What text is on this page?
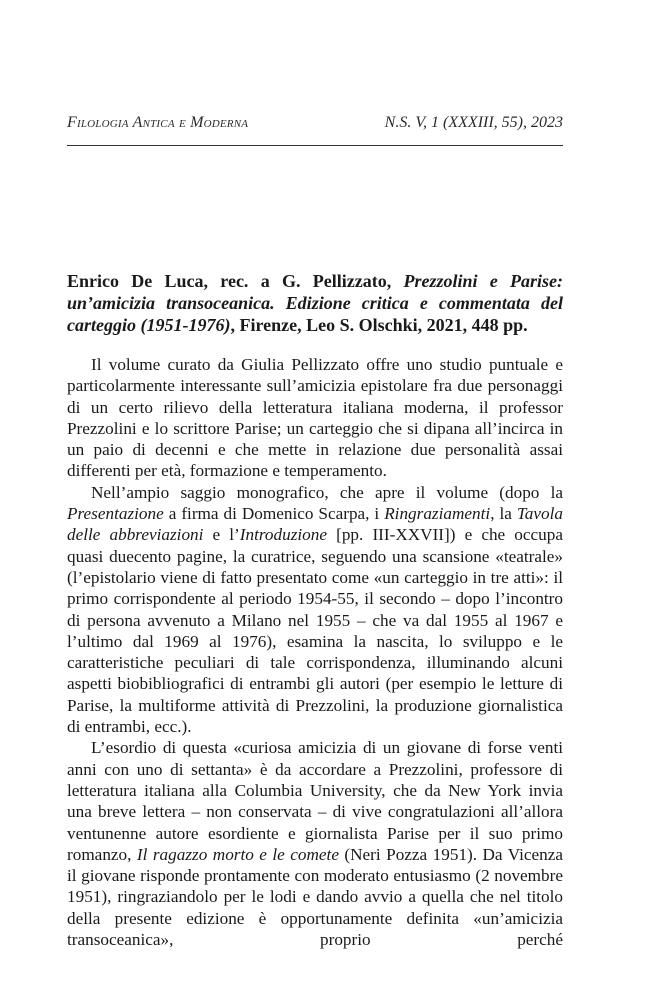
Filologia Antica e Moderna	N.S. V, 1 (XXXIII, 55), 2023
Enrico De Luca, rec. a G. Pellizzato, Prezzolini e Parise: un’amicizia transoceanica. Edizione critica e commentata del carteggio (1951-1976), Firenze, Leo S. Olschki, 2021, 448 pp.

Il volume curato da Giulia Pellizzato offre uno studio puntuale e particolarmente interessante sull’amicizia epistolare fra due personaggi di un certo rilievo della letteratura italiana moderna, il professor Prezzolini e lo scrittore Parise; un carteggio che si dipana all’incirca in un paio di decenni e che mette in relazione due personalità assai differenti per età, formazione e temperamento.

Nell’ampio saggio monografico, che apre il volume (dopo la Presentazione a firma di Domenico Scarpa, i Ringraziamenti, la Tavola delle abbreviazioni e l’Introduzione [pp. III-XXVII]) e che occupa quasi duecento pagine, la curatrice, seguendo una scansione «teatrale» (l’epistolario viene di fatto presentato come «un carteggio in tre atti»: il primo corrispondente al periodo 1954-55, il secondo – dopo l’incontro di persona avvenuto a Milano nel 1955 – che va dal 1955 al 1967 e l’ultimo dal 1969 al 1976), esamina la nascita, lo sviluppo e le caratteristiche peculiari di tale corrispondenza, illuminando alcuni aspetti biobibliografici di entrambi gli autori (per esempio le letture di Parise, la multiforme attività di Prezzolini, la produzione giornalistica di entrambi, ecc.).

L’esordio di questa «curiosa amicizia di un giovane di forse venti anni con uno di settanta» è da accordare a Prezzolini, professore di letteratura italiana alla Columbia University, che da New York invia una breve lettera – non conservata – di vive congratulazioni all’allora ventunenne autore esordiente e giornalista Parise per il suo primo romanzo, Il ragazzo morto e le comete (Neri Pozza 1951). Da Vicenza il giovane risponde prontamente con moderato entusiasmo (2 novembre 1951), ringraziandolo per le lodi e dando avvio a quella che nel titolo della presente edizione è opportunamente definita «un’amicizia transoceanica», proprio perché
